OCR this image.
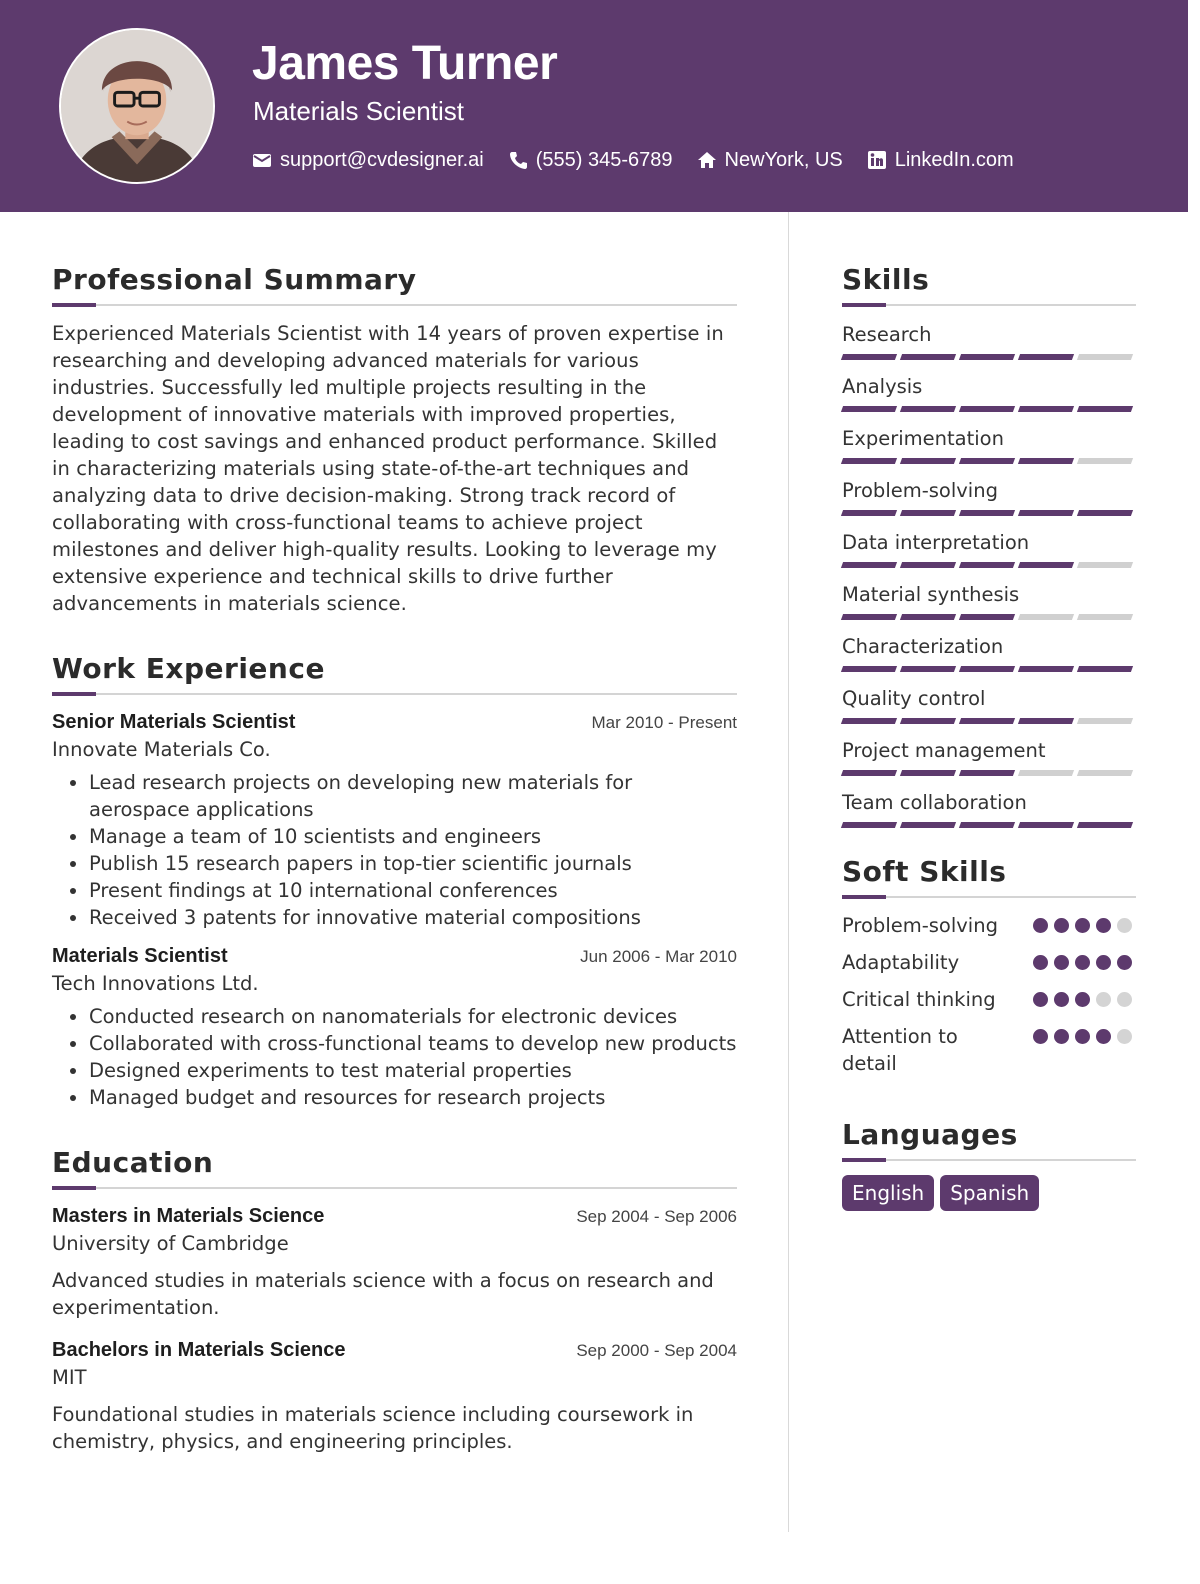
James Turner
Materials Scientist
support@cvdesigner.ai	(555) 345-6789	NewYork, US	LinkedIn.com
Professional Summary

Experienced Materials Scientist with 14 years of proven expertise in researching and developing advanced materials for various industries. Successfully led multiple projects resulting in the development of innovative materials with improved properties, leading to cost savings and enhanced product performance. Skilled in characterizing materials using state-of-the-art techniques and analyzing data to drive decision-making. Strong track record of collaborating with cross-functional teams to achieve project milestones and deliver high-quality results. Looking to leverage my extensive experience and technical skills to drive further advancements in materials science.

Work Experience
Senior Materials Scientist	Mar 2010 - Present
Innovate Materials Co.
• Lead research projects on developing new materials for aerospace applications
• Manage a team of 10 scientists and engineers
• Publish 15 research papers in top-tier scientific journals
• Present findings at 10 international conferences
• Received 3 patents for innovative material compositions
Materials Scientist	Jun 2006 - Mar 2010
Tech Innovations Ltd.
• Conducted research on nanomaterials for electronic devices
• Collaborated with cross-functional teams to develop new products
• Designed experiments to test material properties
• Managed budget and resources for research projects
Education
Masters in Materials Science	Sep 2004 - Sep 2006
University of Cambridge

Advanced studies in materials science with a focus on research and experimentation.

Bachelors in Materials Science	Sep 2000 - Sep 2004
MIT

Foundational studies in materials science including coursework in chemistry, physics, and engineering principles.

Skills
Research
Analysis
Experimentation
Problem-solving
Data interpretation
Material synthesis
Characterization
Quality control
Project management
Team collaboration
Soft Skills
Problem-solving
Adaptability
Critical thinking
Attention to detail
Languages
English	Spanish
